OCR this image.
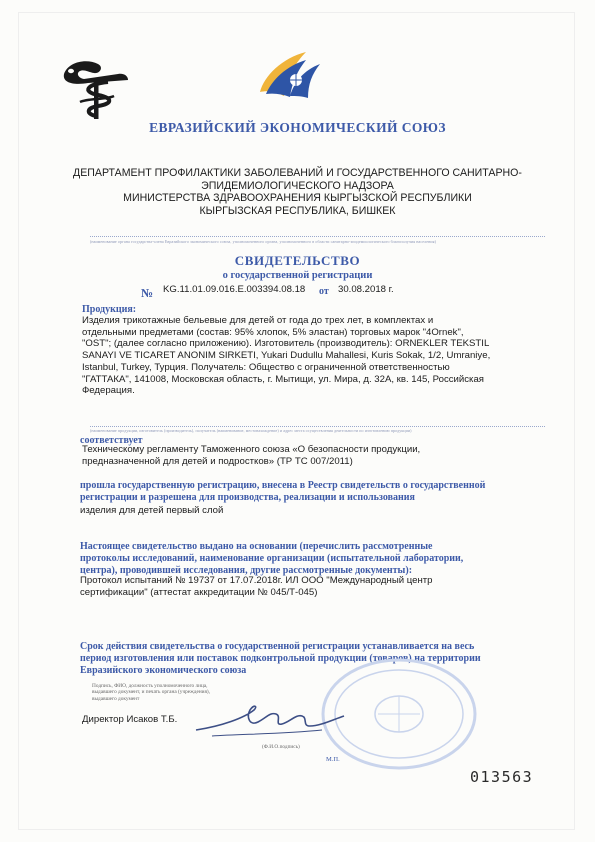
ЕВРАЗИЙСКИЙ ЭКОНОМИЧЕСКИЙ СОЮЗ
ДЕПАРТАМЕНТ ПРОФИЛАКТИКИ ЗАБОЛЕВАНИЙ И ГОСУДАРСТВЕННОГО САНИТАРНО-
ЭПИДЕМИОЛОГИЧЕСКОГО НАДЗОРА
МИНИСТЕРСТВА ЗДРАВООХРАНЕНИЯ КЫРГЫЗСКОЙ РЕСПУБЛИКИ
КЫРГЫЗСКАЯ РЕСПУБЛИКА, БИШКЕК
(наименование органа государства-члена Евразийского экономического союза, уполномоченного органа, уполномоченного в области санитарно-эпидемиологического благополучия населения)
СВИДЕТЕЛЬСТВО
о государственной регистрации
№ KG.11.01.09.016.E.003394.08.18 от 30.08.2018 г.
Продукция:
Изделия трикотажные бельевые для детей от года до трех лет, в комплектах и
отдельными предметами (состав: 95% хлопок, 5% эластан) торговых марок "4Ornek",
"OST"; (далее согласно приложению). Изготовитель (производитель): ORNEKLER TEKSTIL
SANAYI VE TICARET ANONIM SIRKETI, Yukari Dudullu Mahallesi, Kuris Sokak, 1/2, Umraniye,
Istanbul, Turkey, Турция. Получатель: Общество с ограниченной ответственностью
"ГАТТАКА", 141008, Московская область, г. Мытищи, ул. Мира, д. 32А, кв. 145, Российская
Федерация.
(наименование продукции, изготовитель (производитель), получатель (наименование, местонахождение) и адрес места осуществления деятельности по изготовлению продукции)
соответствует
Техническому регламенту Таможенного союза «О безопасности продукции,
предназначенной для детей и подростков» (ТР ТС 007/2011)
прошла государственную регистрацию, внесена в Реестр свидетельств о государственной
регистрации и разрешена для производства, реализации и использования
изделия для детей первый слой
Настоящее свидетельство выдано на основании (перечислить рассмотренные
протоколы исследований, наименование организации (испытательной лаборатории,
центра), проводившей исследования, другие рассмотренные документы):
Протокол испытаний № 19737 от 17.07.2018г. ИЛ ООО "Международный центр
сертификации" (аттестат аккредитации № 045/Т-045)
Срок действия свидетельства о государственной регистрации устанавливается на весь
период изготовления или поставок подконтрольной продукции (товаров) на территории
Евразийского экономического союза
Подпись, ФИО, должность уполномоченного лица,
выдавшего документ, и печать органа (учреждения),
выдавшего документ
Директор Исаков Т.Б.
(Ф.И.О.подпись)
М.П.
013563
